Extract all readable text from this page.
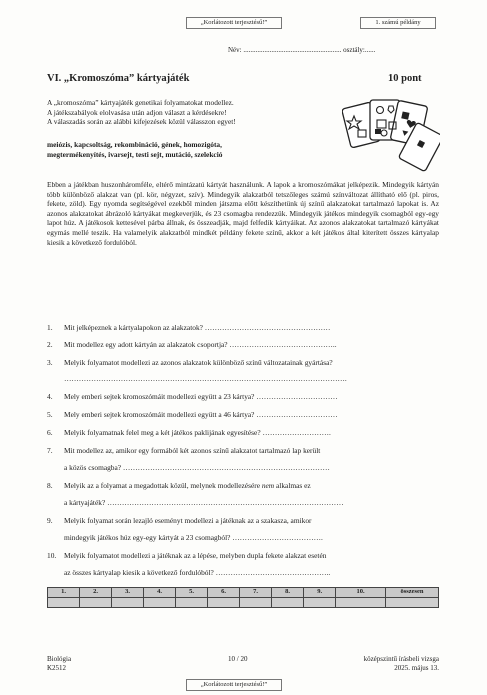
„Korlátozott terjesztésű!”	1. számú példány
Név: ........................................................ osztály:......
VI. „Kromoszóma” kártyajáték	10 pont
A „kromoszóma” kártyajáték genetikai folyamatokat modellez.
A játékszabályok elolvasása után adjon választ a kérdésekre!
A válaszadás során az alábbi kifejezések közül válasszon egyet!
meiózis, kapcsoltság, rekombináció, gének, homozigóta,
megtermékenyítés, ivarsejt, testi sejt, mutáció, szelekció
Ebben a játékban huszonháromféle, eltérő mintázatú kártyát használunk. A lapok a kromoszómákat jelképezik. Mindegyik kártyán több különböző alakzat van (pl. kör, négyzet, szív). Mindegyik alakzatból tetszőleges számú színváltozat állítható elő (pl. piros, fekete, zöld). Egy nyomda segítségével ezekből minden játszma előtt készíthetünk új színű alakzatokat tartalmazó lapokat is. Az azonos alakzatokat ábrázoló kártyákat megkeverjük, és 23 csomagba rendezzük. Mindegyik játékos mindegyik csomagból egy-egy lapot húz. A játékosok kettesével párba állnak, és összeadják, majd felfedik kártyáikat. Az azonos alakzatokat tartalmazó kártyákat egymás mellé teszik. Ha valamelyik alakzatból mindkét példány fekete színű, akkor a két játékos által kiterített összes kártyalap kiesik a következő fordulóból.
1.	Mit jelképeznek a kártyalapokon az alakzatok? ……………………………………………
2.	Mit modellez egy adott kártyán az alakzatok csoportja? ……………………………………..
3.	Melyik folyamatot modellezi az azonos alakzatok különböző színű változatainak gyártása?
…………………………………………………………………………………………………….
4.	Mely emberi sejtek kromoszómáit modellezi együtt a 23 kártya? ……………………………
5.	Mely emberi sejtek kromoszómáit modellezi együtt a 46 kártya? ……………………………
6.	Melyik folyamatnak felel meg a két játékos paklijának egyesítése? ……………………….
7.	Mit modellez az, amikor egy formából két azonos színű alakzatot tartalmazó lap került
a közös csomagba? …………………………………………………………………………
8.	Melyik az a folyamat a megadottak közül, melynek modellezésére nem alkalmas ez
a kártyajáték? ……………………………………………………………………………………
9.	Melyik folyamat során lezajló eseményt modellezi a játéknak az a szakasza, amikor
mindegyik játékos húz egy-egy kártyát a 23 csomagból? ……………………………….
10.	Melyik folyamatot modellezi a játéknak az a lépése, melyben dupla fekete alakzat esetén
az összes kártyalap kiesik a következő fordulóból? ………………………………………..
1.	2.	3.	4.	5.	6.	7.	8.	9.	10.	összesen

Biológia
K2512
10 / 20	középszintű írásbeli vizsga
2025. május 13.
„Korlátozott terjesztésű!”
